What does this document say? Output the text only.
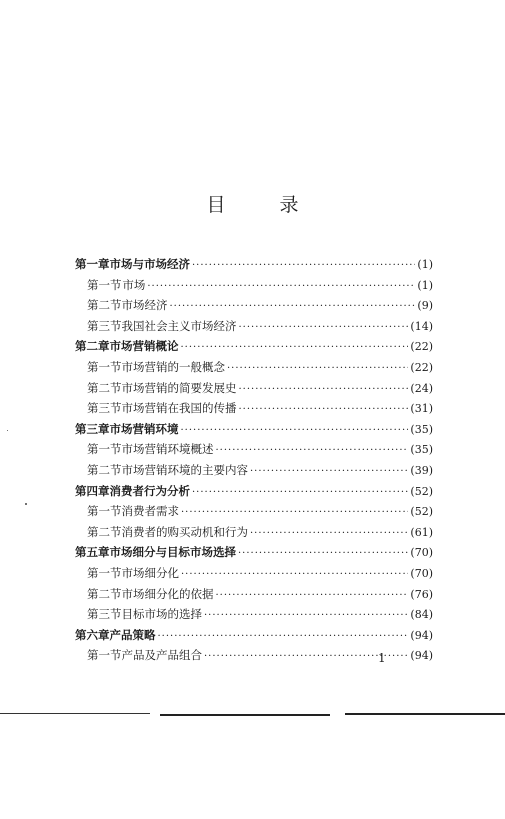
目 录
第一章 市场与市场经济 ·····	(1)
第一节 市场 ·····	(1)
第二节 市场经济 ·····	(9)
第三节 我国社会主义市场经济 ·····	(14)
第二章 市场营销概论 ·····	(22)
第一节 市场营销的一般概念 ·····	(22)
第二节 市场营销的简要发展史 ·····	(24)
第三节 市场营销在我国的传播 ·····	(31)
第三章 市场营销环境 ·····	(35)
第一节 市场营销环境概述 ·····	(35)
第二节 市场营销环境的主要内容 ·····	(39)
第四章 消费者行为分析 ·····	(52)
第一节 消费者需求 ·····	(52)
第二节 消费者的购买动机和行为 ·····	(61)
第五章 市场细分与目标市场选择 ·····	(70)
第一节 市场细分化 ·····	(70)
第二节 市场细分化的依据 ·····	(76)
第三节 目标市场的选择 ·····	(84)
第六章 产品策略 ·····	(94)
第一节 产品及产品组合 ·····	(94)
1
